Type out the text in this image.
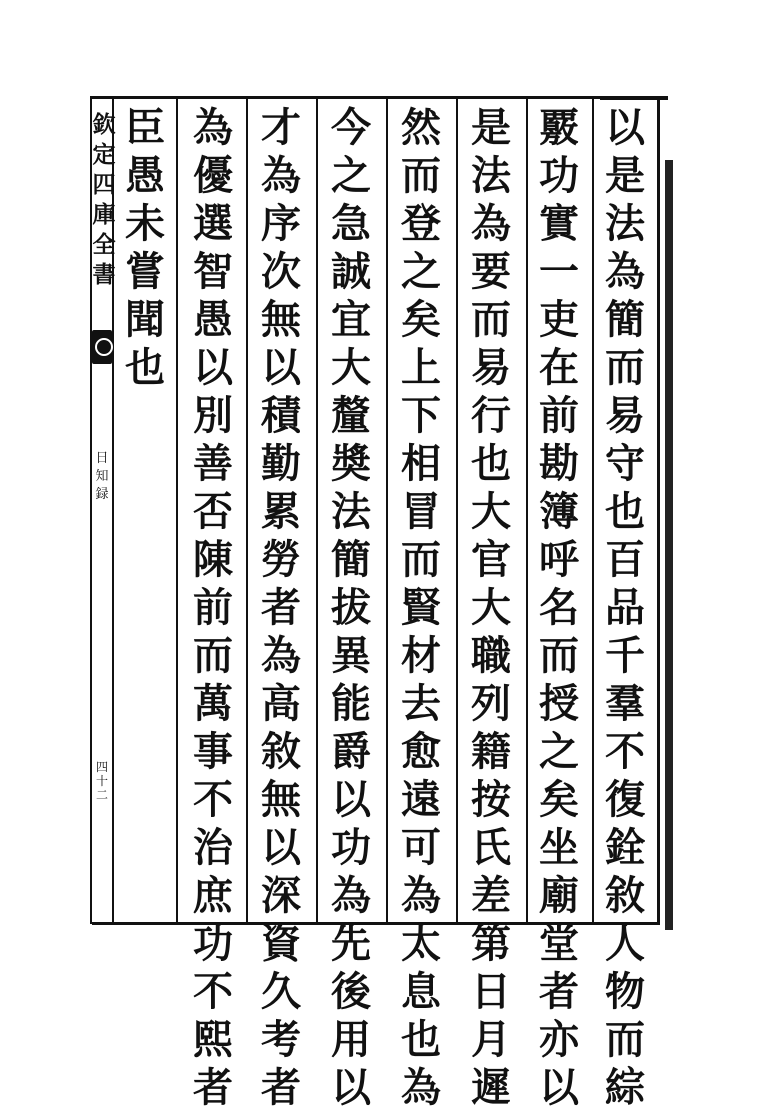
欽定四庫全書
日知録
四十二
以是法為簡而易守也百品千羣不復銓敘人物而綜
覈功實一吏在前勘簿呼名而授之矣坐廟堂者亦以
是法為要而易行也大官大職列籍按氏差第日月遲
然而登之矣上下相冒而賢材去愈遠可為太息也為
今之急誠宜大釐奬法簡拔異能爵以功為先後用以
才為序次無以積勤累勞者為高敘無以深資久考者
為優選智愚以別善否陳前而萬事不治庶功不熙者
臣愚未嘗聞也
